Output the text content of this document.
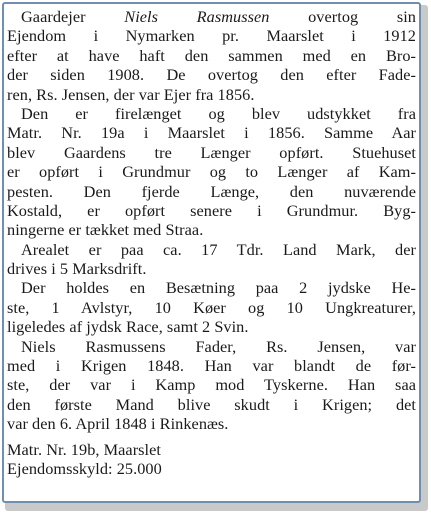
Gaardejer Niels Rasmussen overtog sin
Ejendom i Nymarken pr. Maarslet i 1912
efter at have haft den sammen med en Bro-
der siden 1908. De overtog den efter Fade-
ren, Rs. Jensen, der var Ejer fra 1856.
Den er firelænget og blev udstykket fra
Matr. Nr. 19a i Maarslet i 1856. Samme Aar
blev Gaardens tre Længer opført. Stuehuset
er opført i Grundmur og to Længer af Kam-
pesten. Den fjerde Længe, den nuværende
Kostald, er opført senere i Grundmur. Byg-
ningerne er tækket med Straa.
Arealet er paa ca. 17 Tdr. Land Mark, der
drives i 5 Marksdrift.
Der holdes en Besætning paa 2 jydske He-
ste, 1 Avlstyr, 10 Køer og 10 Ungkreaturer,
ligeledes af jydsk Race, samt 2 Svin.
Niels Rasmussens Fader, Rs. Jensen, var
med i Krigen 1848. Han var blandt de før-
ste, der var i Kamp mod Tyskerne. Han saa
den første Mand blive skudt i Krigen; det
var den 6. April 1848 i Rinkenæs.
Matr. Nr. 19b, Maarslet
Ejendomsskyld: 25.000
